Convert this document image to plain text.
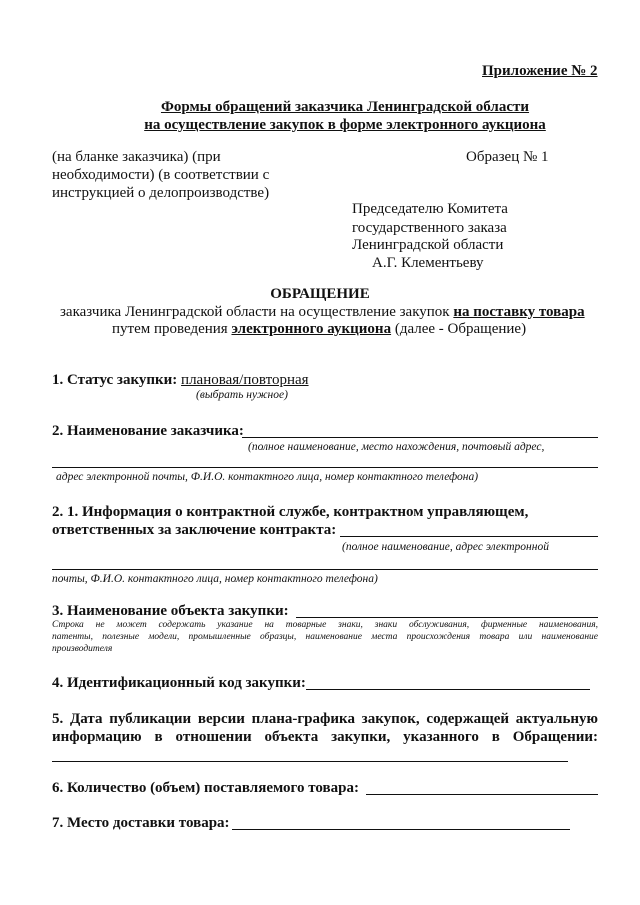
Приложение № 2
Формы обращений заказчика Ленинградской области
на осуществление закупок в форме электронного аукциона
(на бланке заказчика) (при
необходимости) (в соответствии с
инструкцией о делопроизводстве)
Образец № 1
Председателю Комитета
государственного заказа
Ленинградской области
А.Г. Клементьеву
ОБРАЩЕНИЕ
заказчика Ленинградской области на осуществление закупок на поставку товара
путем проведения электронного аукциона (далее - Обращение)
1. Статус закупки: плановая/повторная
(выбрать нужное)
2. Наименование заказчика:
(полное наименование, место нахождения, почтовый адрес,
адрес электронной почты, Ф.И.О. контактного лица, номер контактного телефона)
2. 1. Информация о контрактной службе, контрактном управляющем,
ответственных за заключение контракта:
(полное наименование, адрес электронной
почты, Ф.И.О. контактного лица, номер контактного телефона)
3. Наименование объекта закупки:
Строка не может содержать указание на товарные знаки, знаки обслуживания, фирменные наименования,
патенты, полезные модели, промышленные образцы, наименование места происхождения товара или наименование
производителя
4. Идентификационный код закупки:
5. Дата публикации версии плана-графика закупок, содержащей актуальную
информацию в отношении объекта закупки, указанного в Обращении:
6. Количество (объем) поставляемого товара:
7. Место доставки товара:
